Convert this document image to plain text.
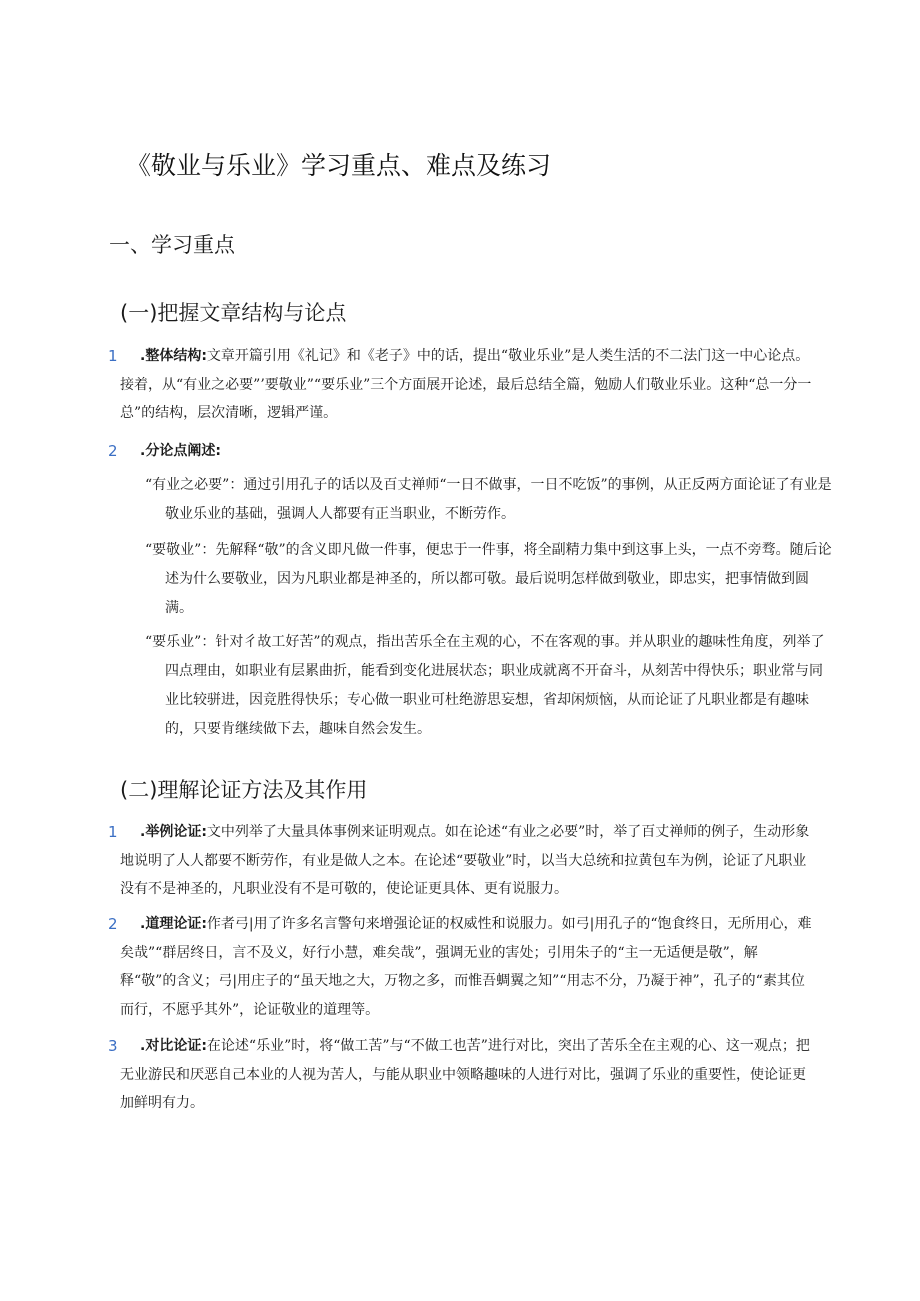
《敬业与乐业》学习重点、难点及练习
一、学习重点
(一)把握文章结构与论点
1	.整体结构:文章开篇引用《礼记》和《老子》中的话，提出“敬业乐业”是人类生活的不二法门这一中心论点。接着，从“有业之必要”’要敬业”“要乐业”三个方面展开论述，最后总结全篇，勉励人们敬业乐业。这种“总一分一总”的结构，层次清晰，逻辑严谨。
2	.分论点阐述:
“有业之必要”：通过引用孔子的话以及百丈禅师“一日不做事，一日不吃饭”的事例，从正反两方面论证了有业是敬业乐业的基础，强调人人都要有正当职业，不断劳作。
“要敬业”：先解释“敬”的含义即凡做一件事，便忠于一件事，将全副精力集中到这事上头，一点不旁骛。随后论述为什么要敬业，因为凡职业都是神圣的，所以都可敬。最后说明怎样做到敬业，即忠实，把事情做到圆满。
“要乐业”：针对彳故工好苦”的观点，指出苦乐全在主观的心，不在客观的事。并从职业的趣味性角度，列举了四点理由，如职业有层累曲折，能看到变化进展状态；职业成就离不开奋斗，从刻苦中得快乐；职业常与同业比较骈进，因竞胜得快乐；专心做一职业可杜绝游思妄想，省却闲烦恼，从而论证了凡职业都是有趣味的，只要肯继续做下去，趣味自然会发生。
(二)理解论证方法及其作用
1	.举例论证:文中列举了大量具体事例来证明观点。如在论述“有业之必要”时，举了百丈禅师的例子，生动形象地说明了人人都要不断劳作，有业是做人之本。在论述“要敬业”时，以当大总统和拉黄包车为例，论证了凡职业没有不是神圣的，凡职业没有不是可敬的，使论证更具体、更有说服力。
2	.道理论证:作者弓|用了许多名言警句来增强论证的权威性和说服力。如弓|用孔子的“饱食终日，无所用心，难矣哉”“群居终日，言不及义，好行小慧，难矣哉”，强调无业的害处；引用朱子的“主一无适便是敬”，解释“敬”的含义；弓|用庄子的“虽天地之大，万物之多，而惟吾蜩翼之知”“用志不分，乃凝于神”，孔子的“素其位而行，不愿乎其外”，论证敬业的道理等。
3	.对比论证:在论述“乐业”时，将“做工苦”与“不做工也苦”进行对比，突出了苦乐全在主观的心、这一观点；把无业游民和厌恶自己本业的人视为苦人，与能从职业中领略趣味的人进行对比，强调了乐业的重要性，使论证更加鲜明有力。
